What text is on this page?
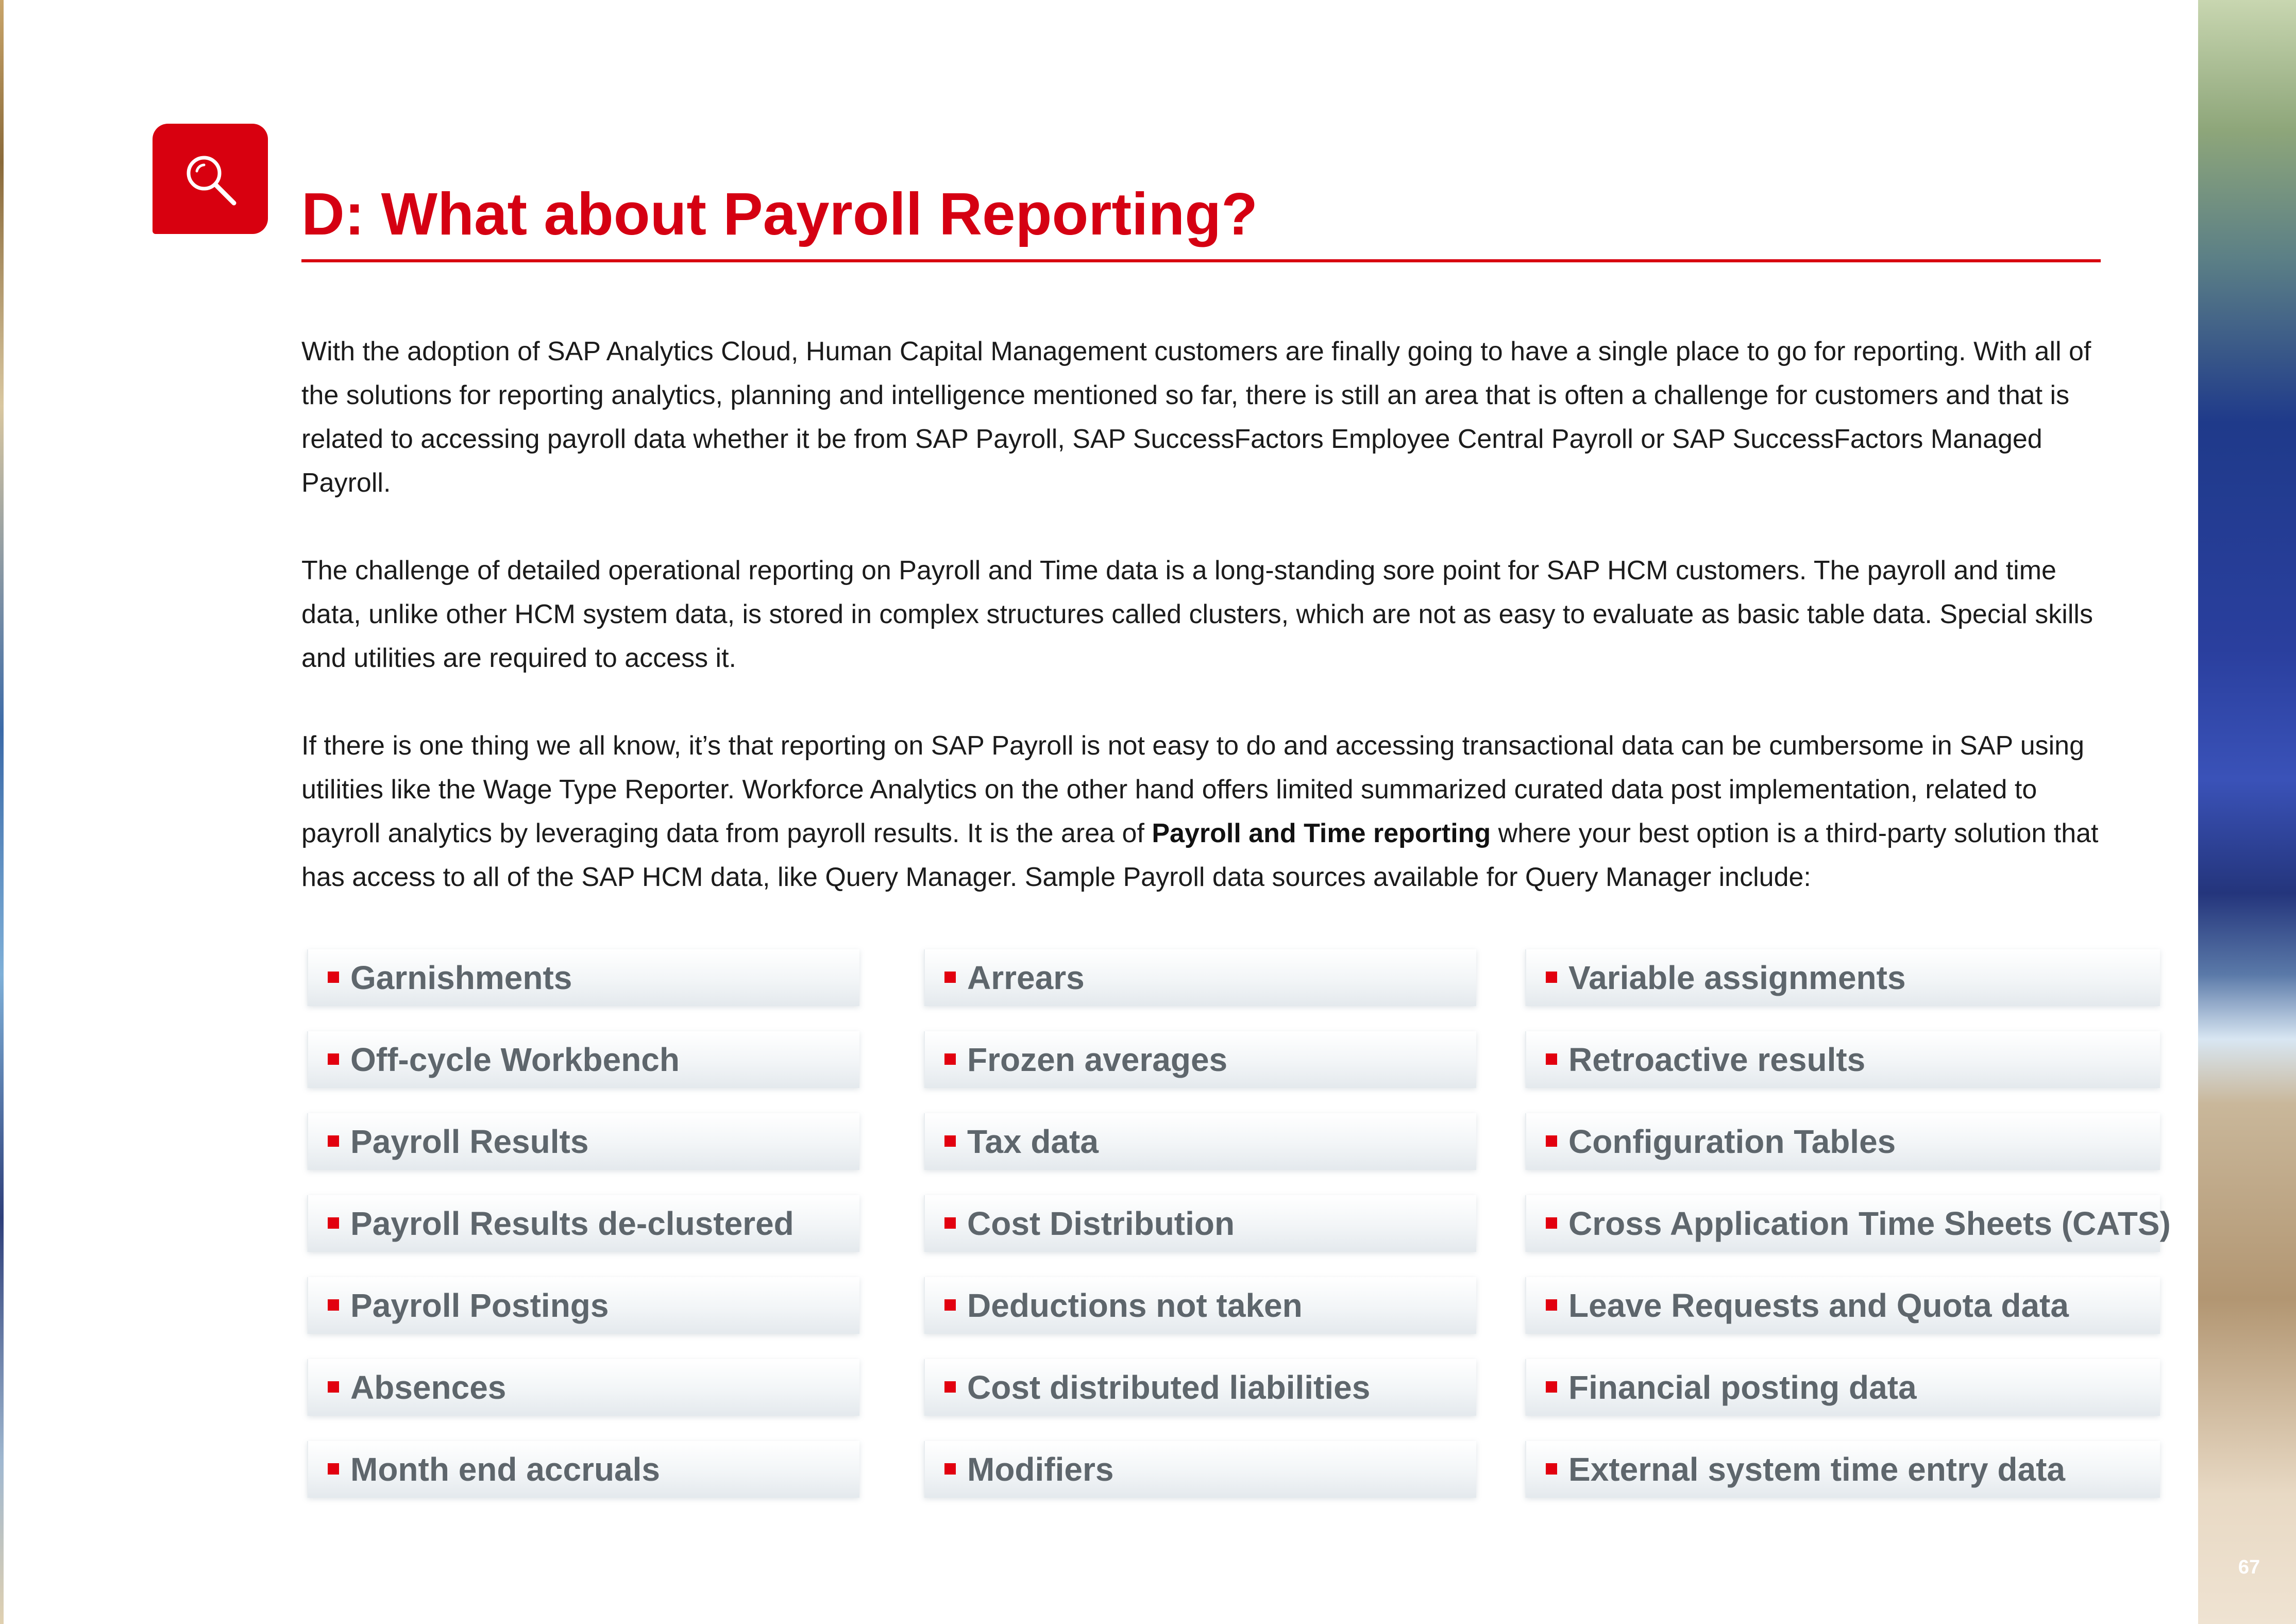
D: What about Payroll Reporting?

With the adoption of SAP Analytics Cloud, Human Capital Management customers are finally going to have a single place to go for reporting. With all of the solutions for reporting analytics, planning and intelligence mentioned so far, there is still an area that is often a challenge for customers and that is related to accessing payroll data whether it be from SAP Payroll, SAP SuccessFactors Employee Central Payroll or SAP SuccessFactors Managed Payroll.

The challenge of detailed operational reporting on Payroll and Time data is a long-standing sore point for SAP HCM customers. The payroll and time data, unlike other HCM system data, is stored in complex structures called clusters, which are not as easy to evaluate as basic table data. Special skills and utilities are required to access it.

If there is one thing we all know, it’s that reporting on SAP Payroll is not easy to do and accessing transactional data can be cumbersome in SAP using utilities like the Wage Type Reporter. Workforce Analytics on the other hand offers limited summarized curated data post implementation, related to payroll analytics by leveraging data from payroll results. It is the area of Payroll and Time reporting where your best option is a third-party solution that has access to all of the SAP HCM data, like Query Manager. Sample Payroll data sources available for Query Manager include:

Garnishments
Off-cycle Workbench
Payroll Results
Payroll Results de-clustered
Payroll Postings
Absences
Month end accruals
Arrears
Frozen averages
Tax data
Cost Distribution
Deductions not taken
Cost distributed liabilities
Modifiers
Variable assignments
Retroactive results
Configuration Tables
Cross Application Time Sheets (CATS)
Leave Requests and Quota data
Financial posting data
External system time entry data
67
